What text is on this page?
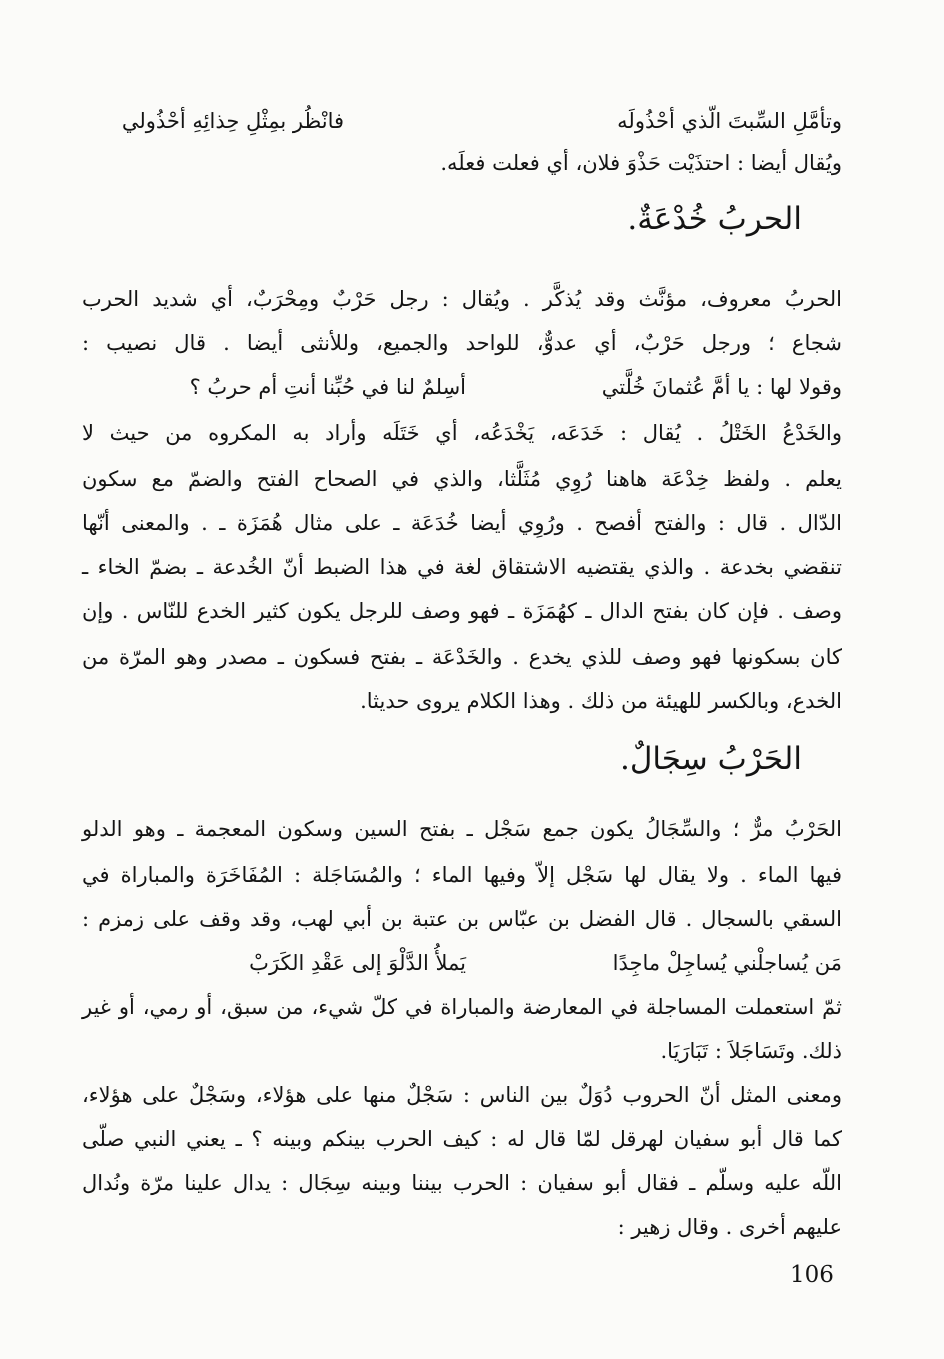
وتأمَّلِ السِّبتَ الّذي أحْذُولَه
فانْظُر بمِثْلِ حِذائِهِ أحْذُولي
ويُقال أيضا : احتذَيْت حَذْوَ فلان، أي فعلت فعلَه.
الحربُ خُدْعَةٌ.
الحربُ معروف، مؤنَّث وقد يُذكَّر . ويُقال : رجل حَرْبٌ ومِحْرَبٌ، أي شديد الحرب
شجاع ؛ ورجل حَرْبٌ، أي عدوٌّ، للواحد والجميع، وللأنثى أيضا . قال نصيب :
وقولا لها : يا أمَّ عُثمانَ خُلَّتي
أسِلمٌ لنا في حُبِّنا أنتِ أم حربُ ؟
والخَدْعُ الخَتْلُ . يُقال : خَدَعَه، يَخْدَعُه، أي خَتَلَه وأراد به المكروه من حيث لا
يعلم . ولفظ خِدْعَة هاهنا رُوِي مُثَلَّثا، والذي في الصحاح الفتح والضمّ مع سكون
الدّال . قال : والفتح أفصح . ورُوِي أيضا خُدَعَة ـ على مثال هُمَزَة ـ . والمعنى أنّها
تنقضي بخدعة . والذي يقتضيه الاشتقاق لغة في هذا الضبط أنّ الخُدعة ـ بضمّ الخاء ـ
وصف . فإن كان بفتح الدال ـ كهُمَزَة ـ فهو وصف للرجل يكون كثير الخدع للنّاس . وإن
كان بسكونها فهو وصف للذي يخدع . والخَدْعَة ـ بفتح فسكون ـ مصدر وهو المرّة من
الخدع، وبالكسر للهيئة من ذلك . وهذا الكلام يروى حديثا.
الحَرْبُ سِجَالٌ.
الحَرْبُ مرٌّ ؛ والسِّجَالُ يكون جمع سَجْل ـ بفتح السين وسكون المعجمة ـ وهو الدلو
فيها الماء . ولا يقال لها سَجْل إلاّ وفيها الماء ؛ والمُسَاجَلة : المُفَاخَرَة والمباراة في
السقي بالسجال . قال الفضل بن عبّاس بن عتبة بن أبي لهب، وقد وقف على زمزم :
مَن يُساجلْني يُساجِلْ ماجِدًا
يَملأُ الدَّلْوَ إلى عَقْدِ الكَرَبْ
ثمّ استعملت المساجلة في المعارضة والمباراة في كلّ شيء، من سبق، أو رمي، أو غير
ذلك. وتَسَاجَلاَ : تَبَارَيَا.
ومعنى المثل أنّ الحروب دُوَلٌ بين الناس : سَجْلٌ منها على هؤلاء، وسَجْلٌ على هؤلاء،
كما قال أبو سفيان لهرقل لمّا قال له : كيف الحرب بينكم وبينه ؟ ـ يعني النبي صلّى
اللّه عليه وسلّم ـ فقال أبو سفيان : الحرب بيننا وبينه سِجَال : يدال علينا مرّة ونُدال
عليهم أخرى . وقال زهير :
106
